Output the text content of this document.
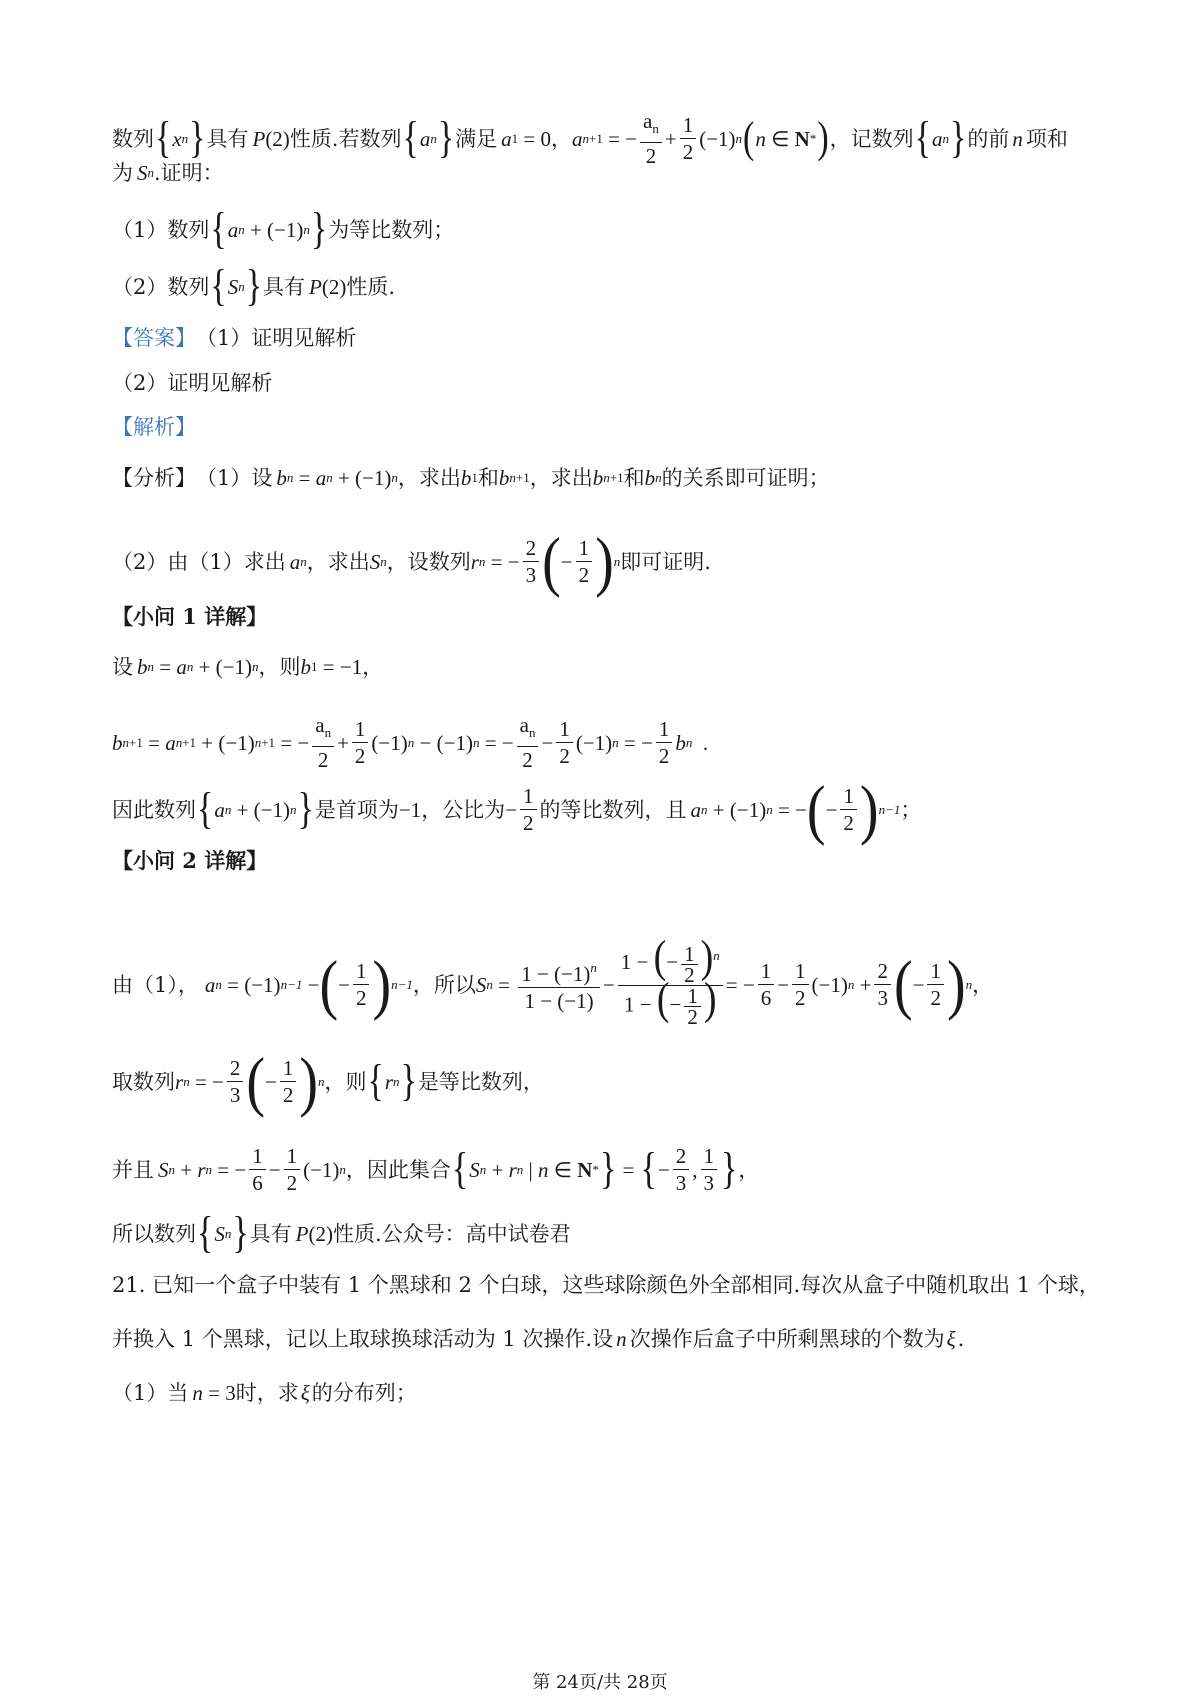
数列 { x n } 具有 P (2) 性质.若数列 { a n } 满足 a 1 = 0 ， a n +1 = − $\frac{a_n}{2} + \frac{1}{2} (-1)$ n ( n ∈ N * ) ，记数列 { a n } 的前 n 项和
为 S n .证明：
（1）数列 { a n + (−1) n } 为等比数列；
（2）数列 { S n } 具有 P (2) 性质.
【答案】 （1）证明见解析
（2）证明见解析
【解析】
【分析】 （1）设 b n = a n + (−1) n ，求出 b 1 和 b n +1 ，求出 b n +1 和 b n 的关系即可证明；
（2）由（1）求出 a n ，求出 S n ，设数列 r n = − $\frac{2}{3}$ ( − $\frac{1}{2}$ ) n 即可证明.
【小问 1 详解】
设 b n = a n + (−1) n ，则 b 1 = −1 ，
b n +1 = a n +1 + (−1) n +1 = − $\frac{a_n}{2} + \frac{1}{2} (-1) n - (-1) n$ = − $\frac{a_n}{2} - \frac{1}{2} (-1) n$ = − $\frac{1}{2}$ b n .
因此数列 { a n + (−1) n } 是首项为 −1 ，公比为 − $\frac{1}{2}$ 的等比数列，且 a n + (−1) n = − ( − $\frac{1}{2}$ ) n−1 ；
【小问 2 详解】
由（1）， a n = (−1) n−1 − ( − $\frac{1}{2}$ ) n−1 ，所以 S $n = \frac{1 - (-1)^n}{1 - (-1)} - \frac{1 - (- \frac{1}{2} )^n}{1 - (- \frac{1}{2} )}$ = − $\frac{1}{6} - \frac{1}{2} (-1) n + \frac{2}{3}$ ( − $\frac{1}{2}$ ) n ，
取数列 r n = − $\frac{2}{3}$ ( − $\frac{1}{2}$ ) n ，则 { r n } 是等比数列，
并且 S n + r n = − $\frac{1}{6} - \frac{1}{2} (-1)$ n ，因此集合 { S n + r n | n ∈ N * } = { − $\frac{2}{3}$ , $\frac{1}{3}$ } ，
所以数列 { S n } 具有 P (2) 性质.公众号：高中试卷君
21. 已知一个盒子中装有 1 个黑球和 2 个白球，这些球除颜色外全部相同.每次从盒子中随机取出 1 个球，
并换入 1 个黑球，记以上取球换球活动为 1 次操作.设 n 次操作后盒子中所剩黑球的个数为 ξ .
（1）当 n = 3 时，求 ξ 的分布列；
第 24页/共 28页
